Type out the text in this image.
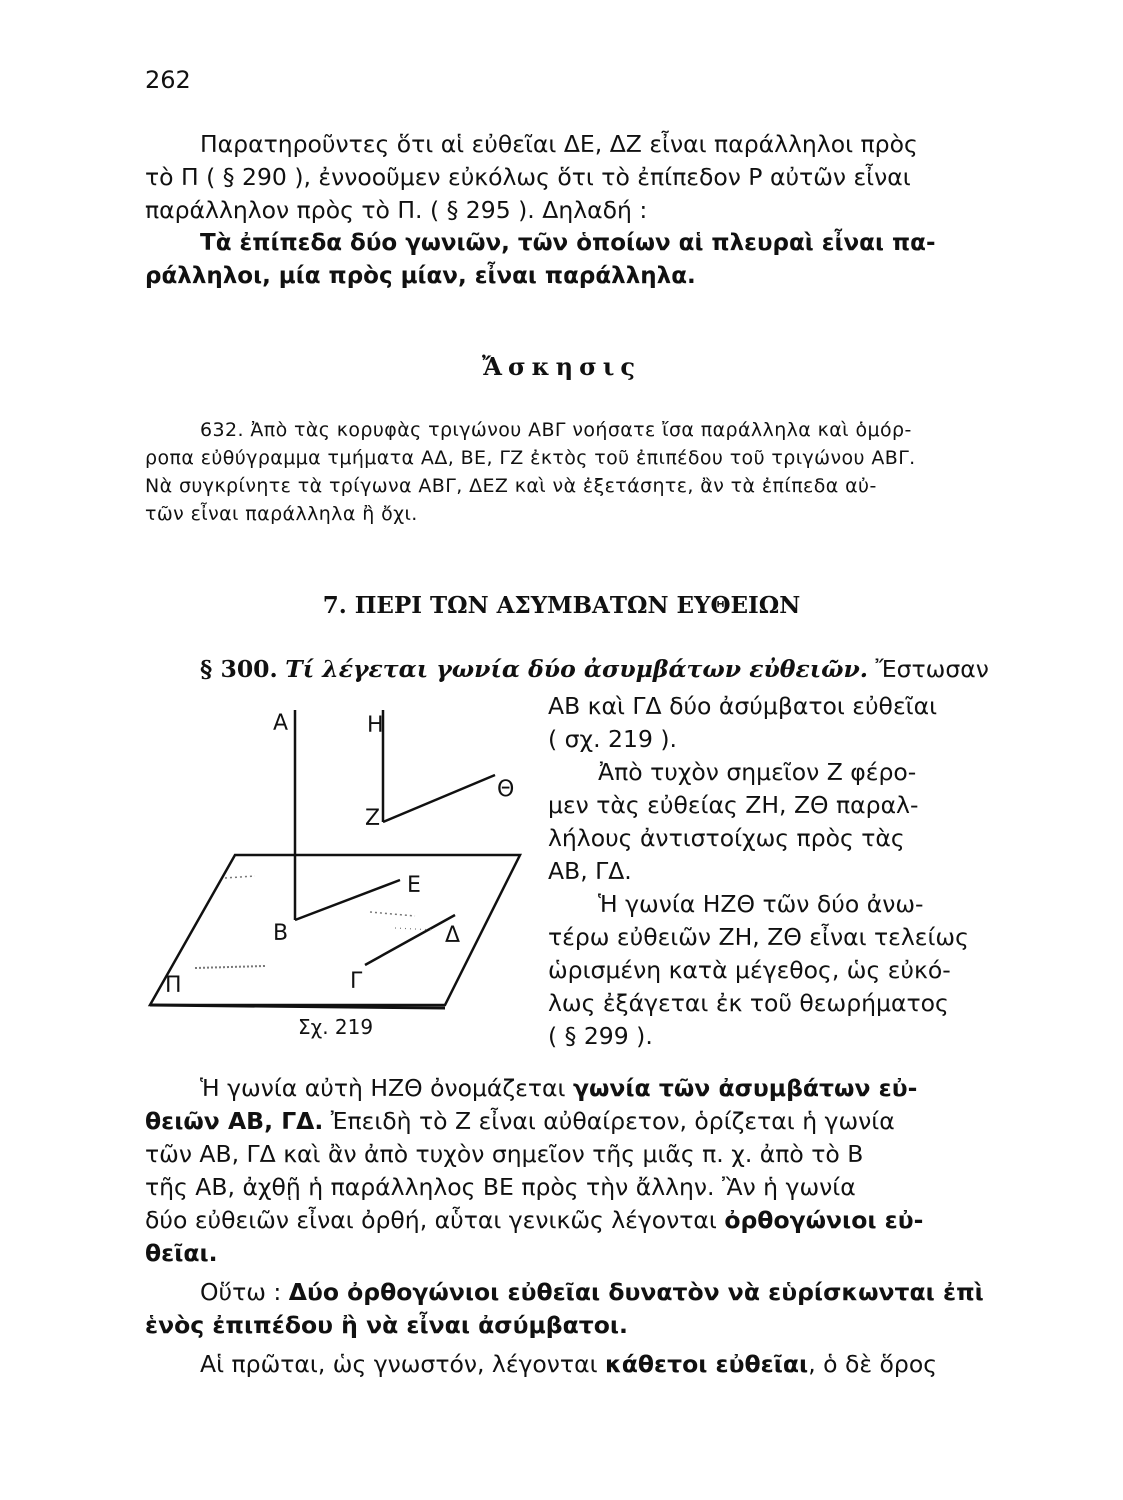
262
Παρατηροῦντες ὅτι αἱ εὐθεῖαι ΔΕ, ΔΖ εἶναι παράλληλοι πρὸς
τὸ Π ( § 290 ), ἐννοοῦμεν εὐκόλως ὅτι τὸ ἐπίπεδον Ρ αὐτῶν εἶναι
παράλληλον πρὸς τὸ Π. ( § 295 ). Δηλαδή :
Τὰ ἐπίπεδα δύο γωνιῶν, τῶν ὁποίων αἱ πλευραὶ εἶναι πα-
ράλληλοι, μία πρὸς μίαν, εἶναι παράλληλα.
Ἄσκησις
632. Ἀπὸ τὰς κορυφὰς τριγώνου ΑΒΓ νοήσατε ἴσα παράλληλα καὶ ὁμόρ-
ροπα εὐθύγραμμα τμήματα ΑΔ, ΒΕ, ΓΖ ἐκτὸς τοῦ ἐπιπέδου τοῦ τριγώνου ΑΒΓ.
Νὰ συγκρίνητε τὰ τρίγωνα ΑΒΓ, ΔΕΖ καὶ νὰ ἐξετάσητε, ἂν τὰ ἐπίπεδα αὐ-
τῶν εἶναι παράλληλα ἢ ὄχι.
7. ΠΕΡΙ ΤΩΝ ΑΣΥΜΒΑΤΩΝ ΕΥΘΕΙΩΝ
§ 300. Τί λέγεται γωνία δύο ἀσυμβάτων εὐθειῶν. Ἔστωσαν
ΑΒ καὶ ΓΔ δύο ἀσύμβατοι εὐθεῖαι
( σχ. 219 ).
Ἀπὸ τυχὸν σημεῖον Ζ φέρο-
μεν τὰς εὐθείας ΖΗ, ΖΘ παραλ-
λήλους ἀντιστοίχως πρὸς τὰς
ΑΒ, ΓΔ.
Ἡ γωνία ΗΖΘ τῶν δύο ἀνω-
τέρω εὐθειῶν ΖΗ, ΖΘ εἶναι τελείως
ὡρισμένη κατὰ μέγεθος, ὡς εὐκό-
λως ἐξάγεται ἐκ τοῦ θεωρήματος
( § 299 ).
Α	Η
Ζ
Θ
Ε
Β	Δ
Γ
Π
Σχ. 219
Ἡ γωνία αὐτὴ ΗΖΘ ὀνομάζεται γωνία τῶν ἀσυμβάτων εὐ-
θειῶν ΑΒ, ΓΔ. Ἐπειδὴ τὸ Ζ εἶναι αὐθαίρετον, ὁρίζεται ἡ γωνία
τῶν ΑΒ, ΓΔ καὶ ἂν ἀπὸ τυχὸν σημεῖον τῆς μιᾶς π. χ. ἀπὸ τὸ Β
τῆς ΑΒ, ἀχθῇ ἡ παράλληλος ΒΕ πρὸς τὴν ἄλλην. Ἂν ἡ γωνία
δύο εὐθειῶν εἶναι ὀρθή, αὗται γενικῶς λέγονται ὀρθογώνιοι εὐ-
θεῖαι.
Οὕτω : Δύο ὀρθογώνιοι εὐθεῖαι δυνατὸν νὰ εὑρίσκωνται ἐπὶ
ἑνὸς ἐπιπέδου ἢ νὰ εἶναι ἀσύμβατοι.
Αἱ πρῶται, ὡς γνωστόν, λέγονται κάθετοι εὐθεῖαι, ὁ δὲ ὅρος
